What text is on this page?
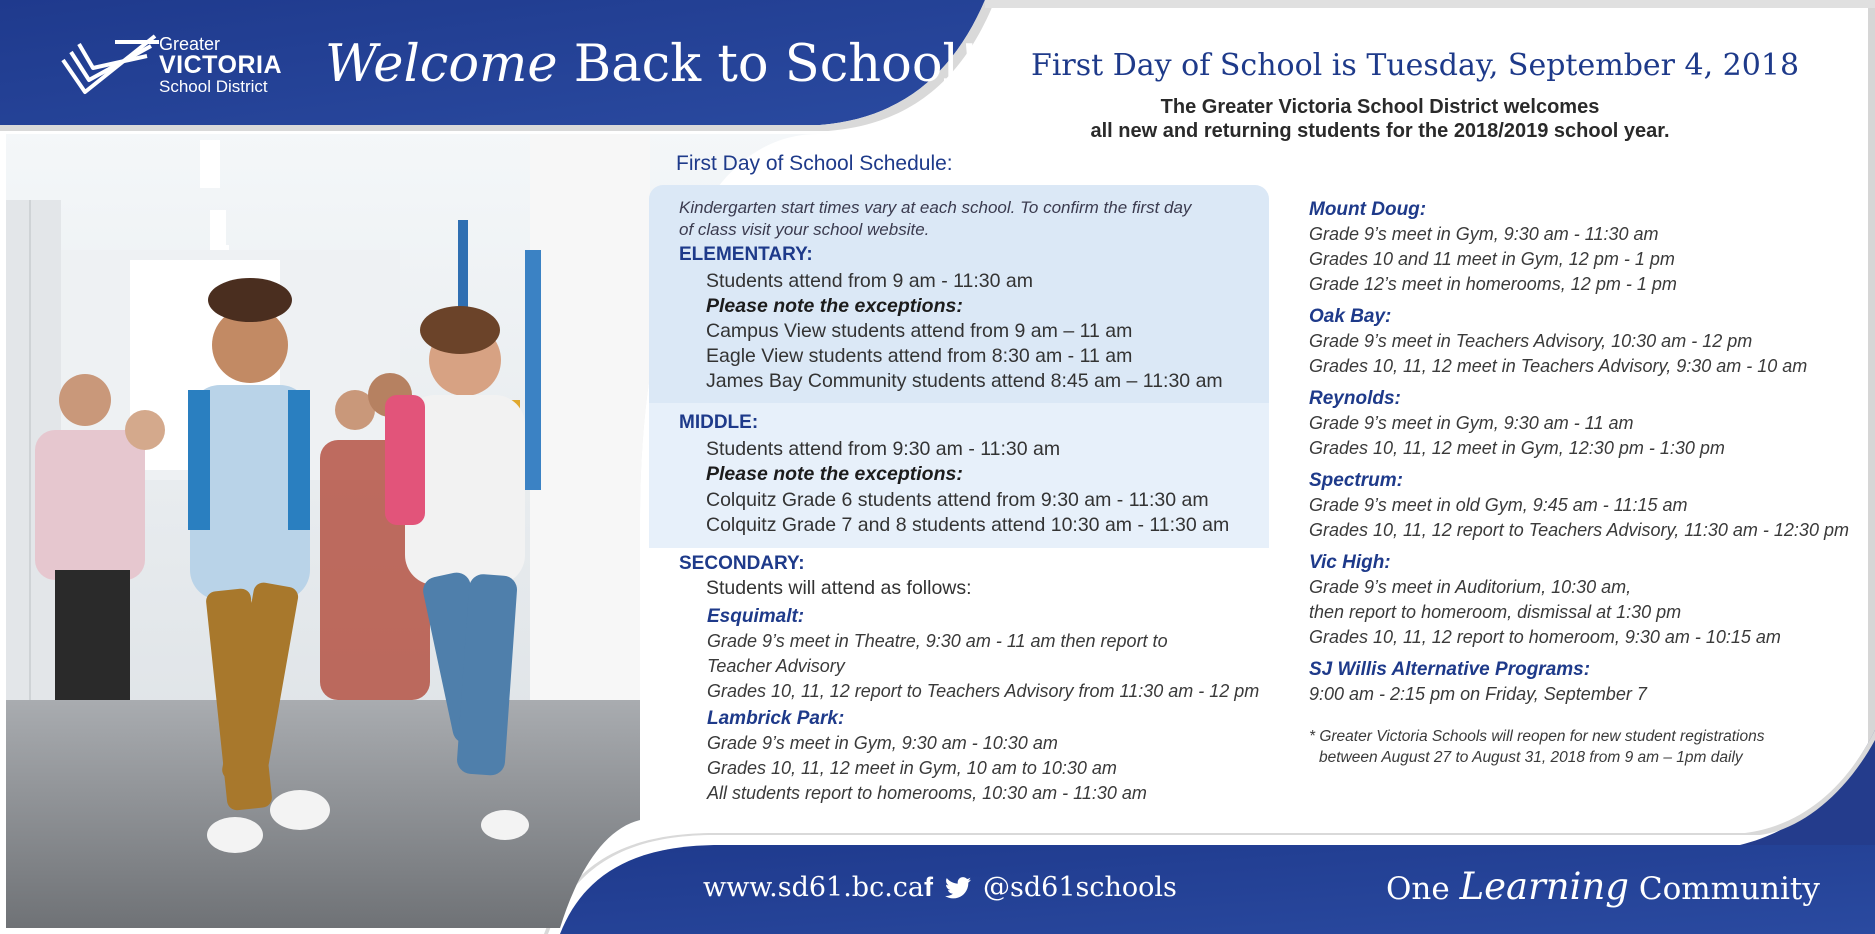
Greater
VICTORIA
School District Welcome Back to School! First Day of School is Tuesday, September 4, 2018
The Greater Victoria School District welcomes
all new and returning students for the 2018/2019 school year.
First Day of School Schedule:
Kindergarten start times vary at each school. To confirm the first day
of class visit your school website.
ELEMENTARY:
Students attend from 9 am - 11:30 am
Please note the exceptions:
Campus View students attend from 9 am – 11 am
Eagle View students attend from 8:30 am - 11 am
James Bay Community students attend 8:45 am – 11:30 am
MIDDLE:
Students attend from 9:30 am - 11:30 am
Please note the exceptions:
Colquitz Grade 6 students attend from 9:30 am - 11:30 am
Colquitz Grade 7 and 8 students attend 10:30 am - 11:30 am
SECONDARY:
Students will attend as follows:
Esquimalt:
Grade 9’s meet in Theatre, 9:30 am - 11 am then report to
Teacher Advisory
Grades 10, 11, 12 report to Teachers Advisory from 11:30 am - 12 pm
Lambrick Park:
Grade 9’s meet in Gym, 9:30 am - 10:30 am
Grades 10, 11, 12 meet in Gym, 10 am to 10:30 am
All students report to homerooms, 10:30 am - 11:30 am
Mount Doug:
Grade 9’s meet in Gym, 9:30 am - 11:30 am
Grades 10 and 11 meet in Gym, 12 pm - 1 pm
Grade 12’s meet in homerooms, 12 pm - 1 pm
Oak Bay:
Grade 9’s meet in Teachers Advisory, 10:30 am - 12 pm
Grades 10, 11, 12 meet in Teachers Advisory, 9:30 am - 10 am
Reynolds:
Grade 9’s meet in Gym, 9:30 am - 11 am
Grades 10, 11, 12 meet in Gym, 12:30 pm - 1:30 pm
Spectrum:
Grade 9’s meet in old Gym, 9:45 am - 11:15 am
Grades 10, 11, 12 report to Teachers Advisory, 11:30 am - 12:30 pm
Vic High:
Grade 9’s meet in Auditorium, 10:30 am,
then report to homeroom, dismissal at 1:30 pm
Grades 10, 11, 12 report to homeroom, 9:30 am - 10:15 am
SJ Willis Alternative Programs:
9:00 am - 2:15 pm on Friday, September 7
* Greater Victoria Schools will reopen for new student registrations
between August 27 to August 31, 2018 from 9 am – 1pm daily
www.sd61.bc.ca f @sd61schools	One Learning Community
